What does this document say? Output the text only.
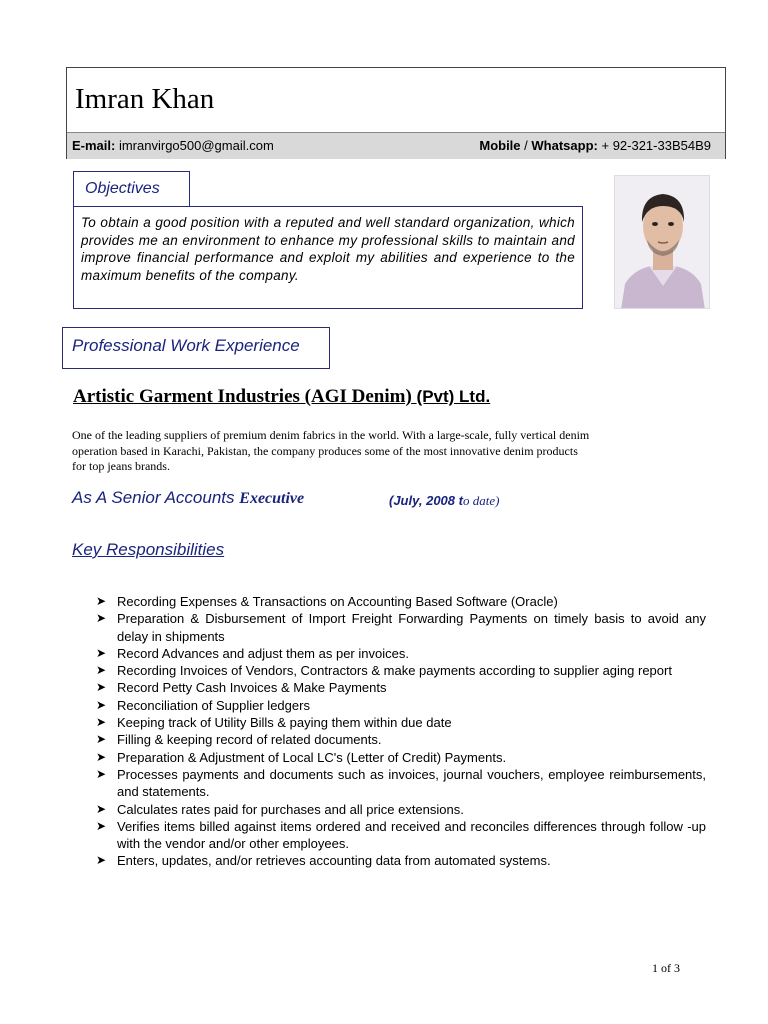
Imran Khan
E-mail: imranvirgo500@gmail.com	Mobile / Whatsapp: + 92-321-33B54B9
Objectives
To obtain a good position with a reputed and well standard organization, which provides me an environment to enhance my professional skills to maintain and improve financial performance and exploit my abilities and experience to the maximum benefits of the company.
Professional Work Experience
Artistic Garment Industries (AGI Denim) (Pvt) Ltd.
One of the leading suppliers of premium denim fabrics in the world. With a large-scale, fully vertical denim operation based in Karachi, Pakistan, the company produces some of the most innovative denim products for top jeans brands.
As A Senior Accounts Executive	(July, 2008 to date)
Key Responsibilities
➤ Recording Expenses & Transactions on Accounting Based Software (Oracle)
➤ Preparation & Disbursement of Import Freight Forwarding Payments on timely basis to avoid any delay in shipments
➤ Record Advances and adjust them as per invoices.
➤ Recording Invoices of Vendors, Contractors & make payments according to supplier aging report
➤ Record Petty Cash Invoices & Make Payments
➤ Reconciliation of Supplier ledgers
➤ Keeping track of Utility Bills & paying them within due date
➤ Filling & keeping record of related documents.
➤ Preparation & Adjustment of Local LC's (Letter of Credit) Payments.
➤ Processes payments and documents such as invoices, journal vouchers, employee reimbursements, and statements.
➤ Calculates rates paid for purchases and all price extensions.
➤ Verifies items billed against items ordered and received and reconciles differences through follow -up with the vendor and/or other employees.
➤ Enters, updates, and/or retrieves accounting data from automated systems.
1 of 3
